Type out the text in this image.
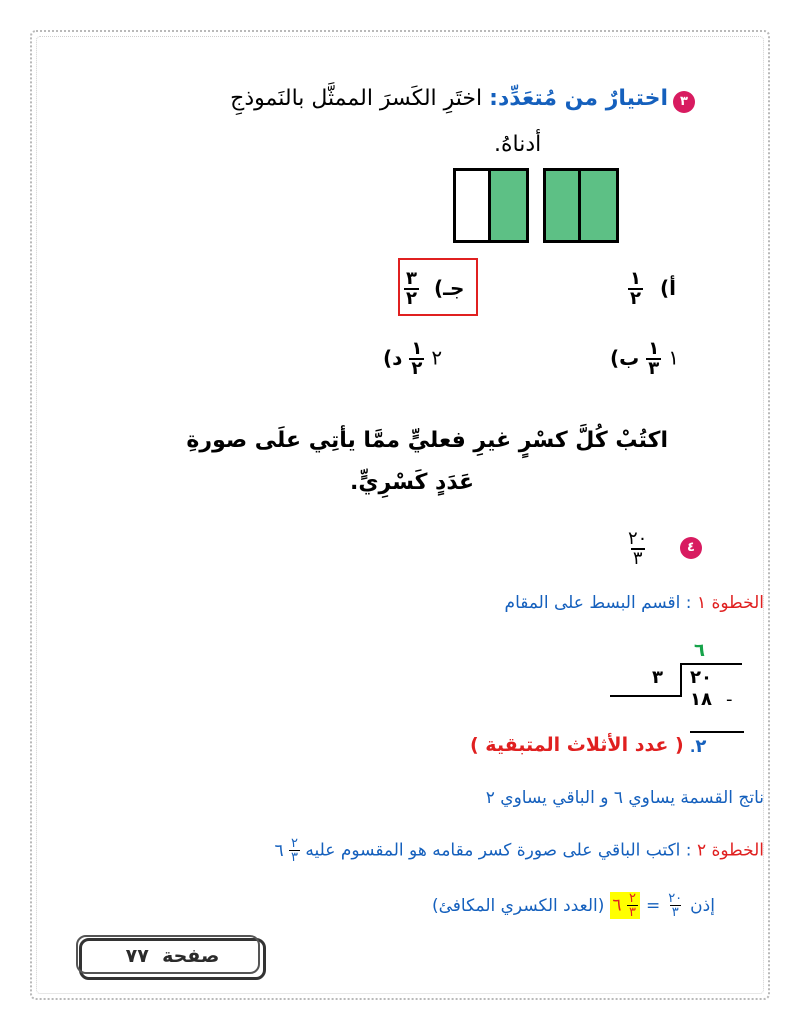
٣
اختيارٌ من مُتعَدِّد: اختَرِ الكَسرَ الممثَّل بالنَموذجِ
أدناهُ.
$\frac{١}{٢}$ أ)
$\frac{٣}{٢}$ جـ)
١
$\frac{١}{٣}$
ب)
٢
$\frac{١}{٢}$
د)
اكتُبْ كُلَّ كسْرٍ غيرِ فعليٍّ ممَّا يأتِي علَى صورةِ
عَدَدٍ كَسْرِيٍّ.
٤
$\frac{٢٠}{٣}$
الخطوة ١ : اقسم البسط على المقام
٦
٢٠
٣
١٨ -
.٢
( عدد الأثلاث المتبقية )
ناتج القسمة يساوي ٦ و الباقي يساوي ٢
الخطوة ٢ : اكتب الباقي على صورة كسر مقامه هو المقسوم عليه ٦ $\frac{٢}{٣}$
(العدد الكسري المكافئ) ٦ $\frac{٢}{٣} = \frac{٢٠}{٣}$ إذن
صفحة  ٧٧
